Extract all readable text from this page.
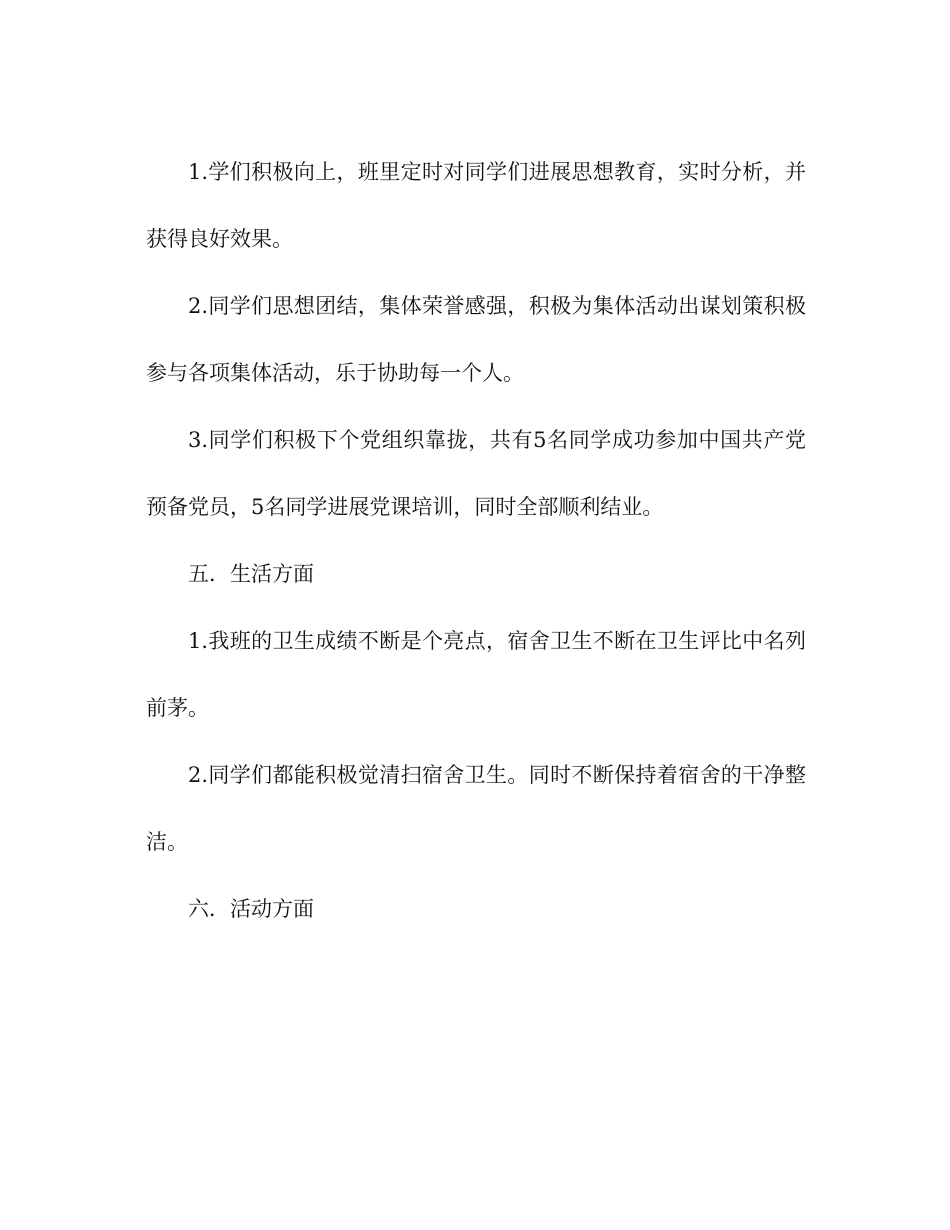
1.学们积极向上，班里定时对同学们进展思想教育，实时分析，并获得良好效果。

2.同学们思想团结，集体荣誉感强，积极为集体活动出谋划策积极参与各项集体活动，乐于协助每一个人。

3.同学们积极下个党组织靠拢，共有5名同学成功参加中国共产党预备党员，5名同学进展党课培训，同时全部顺利结业。

五．生活方面

1.我班的卫生成绩不断是个亮点，宿舍卫生不断在卫生评比中名列前茅。

2.同学们都能积极觉清扫宿舍卫生。同时不断保持着宿舍的干净整洁。

六．活动方面
